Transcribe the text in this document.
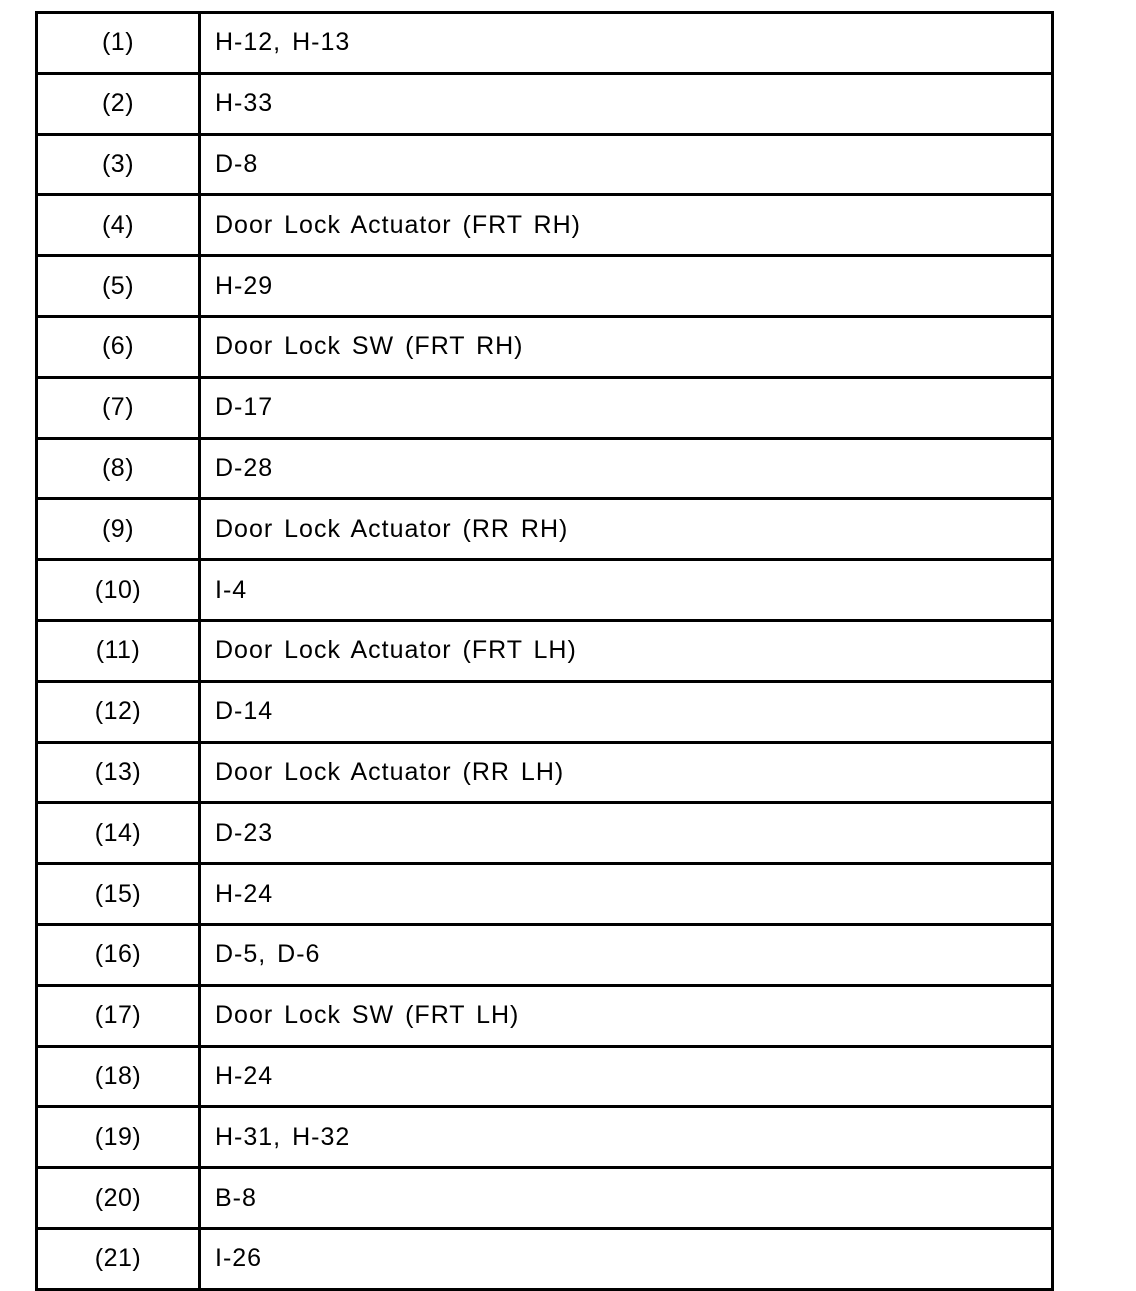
(1)	H-12, H-13
(2)	H-33
(3)	D-8
(4)	Door Lock Actuator (FRT RH)
(5)	H-29
(6)	Door Lock SW (FRT RH)
(7)	D-17
(8)	D-28
(9)	Door Lock Actuator (RR RH)
(10)	I-4
(11)	Door Lock Actuator (FRT LH)
(12)	D-14
(13)	Door Lock Actuator (RR LH)
(14)	D-23
(15)	H-24
(16)	D-5, D-6
(17)	Door Lock SW (FRT LH)
(18)	H-24
(19)	H-31, H-32
(20)	B-8
(21)	I-26
